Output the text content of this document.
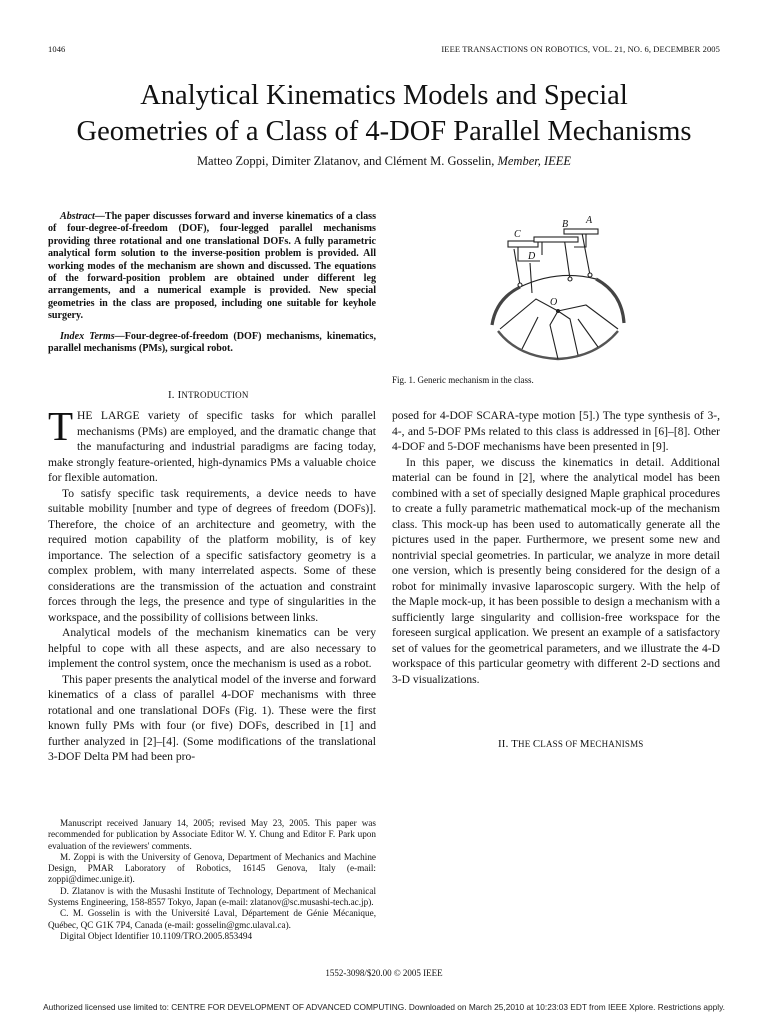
1046	IEEE TRANSACTIONS ON ROBOTICS, VOL. 21, NO. 6, DECEMBER 2005
Analytical Kinematics Models and Special
Geometries of a Class of 4-DOF Parallel Mechanisms
Matteo Zoppi, Dimiter Zlatanov, and Clément M. Gosselin, Member, IEEE

Abstract—The paper discusses forward and inverse kinematics of a class of four-degree-of-freedom (DOF), four-legged parallel mechanisms providing three rotational and one translational DOFs. A fully parametric analytical form solution to the inverse-position problem is provided. All working modes of the mechanism are shown and discussed. The equations of the forward-position problem are obtained under different leg arrangements, and a numerical example is provided. New special geometries in the class are proposed, including one suitable for keyhole surgery.

Index Terms—Four-degree-of-freedom (DOF) mechanisms, kinematics, parallel mechanisms (PMs), surgical robot.

A
B
C
D
O
Fig. 1. Generic mechanism in the class.
I. INTRODUCTION

THE LARGE variety of specific tasks for which parallel mechanisms (PMs) are employed, and the dramatic change that the manufacturing and industrial paradigms are facing today, make strongly feature-oriented, high-dynamics PMs a valuable choice for flexible automation.

To satisfy specific task requirements, a device needs to have suitable mobility [number and type of degrees of freedom (DOFs)]. Therefore, the choice of an architecture and geometry, with the required motion capability of the platform mobility, is of key importance. The selection of a specific satisfactory geometry is a complex problem, with many interrelated aspects. Some of these considerations are the transmission of the actuation and constraint forces through the legs, the presence and type of singularities in the workspace, and the possibility of collisions between links.

Analytical models of the mechanism kinematics can be very helpful to cope with all these aspects, and are also necessary to implement the control system, once the mechanism is used as a robot.

This paper presents the analytical model of the inverse and forward kinematics of a class of parallel 4-DOF mechanisms with three rotational and one translational DOFs (Fig. 1). These were the first known fully PMs with four (or five) DOFs, described in [1] and further analyzed in [2]–[4]. (Some modifications of the translational 3-DOF Delta PM had been pro-

Manuscript received January 14, 2005; revised May 23, 2005. This paper was recommended for publication by Associate Editor W. Y. Chung and Editor F. Park upon evaluation of the reviewers' comments.

M. Zoppi is with the University of Genova, Department of Mechanics and Machine Design, PMAR Laboratory of Robotics, 16145 Genova, Italy (e-mail: zoppi@dimec.unige.it).

D. Zlatanov is with the Musashi Institute of Technology, Department of Mechanical Systems Engineering, 158-8557 Tokyo, Japan (e-mail: zlatanov@sc.musashi-tech.ac.jp).

C. M. Gosselin is with the Université Laval, Département de Génie Mécanique, Québec, QC G1K 7P4, Canada (e-mail: gosselin@gmc.ulaval.ca).

Digital Object Identifier 10.1109/TRO.2005.853494

posed for 4-DOF SCARA-type motion [5].) The type synthesis of 3-, 4-, and 5-DOF PMs related to this class is addressed in [6]–[8]. Other 4-DOF and 5-DOF mechanisms have been presented in [9].

In this paper, we discuss the kinematics in detail. Additional material can be found in [2], where the analytical model has been combined with a set of specially designed Maple graphical procedures to create a fully parametric mathematical mock-up of the mechanism class. This mock-up has been used to automatically generate all the pictures used in the paper. Furthermore, we present some new and nontrivial special geometries. In particular, we analyze in more detail one version, which is presently being considered for the design of a robot for minimally invasive laparoscopic surgery. With the help of the Maple mock-up, it has been possible to design a mechanism with a sufficiently large singularity and collision-free workspace for the foreseen surgical application. We present an example of a satisfactory set of values for the geometrical parameters, and we illustrate the 4-D workspace of this particular geometry with different 2-D sections and 3-D visualizations.

II. THE CLASS OF MECHANISMS
1552-3098/$20.00 © 2005 IEEE
Authorized licensed use limited to: CENTRE FOR DEVELOPMENT OF ADVANCED COMPUTING. Downloaded on March 25,2010 at 10:23:03 EDT from IEEE Xplore. Restrictions apply.
